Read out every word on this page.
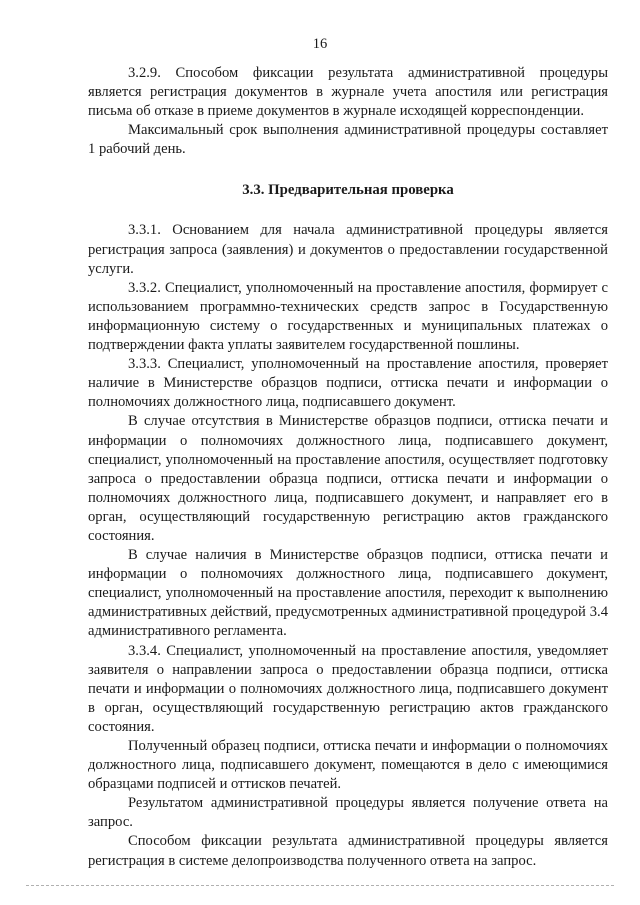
16

3.2.9. Способом фиксации результата административной процедуры является регистрация документов в журнале учета апостиля или регистрация письма об отказе в приеме документов в журнале исходящей корреспонденции.

Максимальный срок выполнения административной процедуры составляет 1 рабочий день.

3.3. Предварительная проверка

3.3.1. Основанием для начала административной процедуры является регистрация запроса (заявления) и документов о предоставлении государственной услуги.

3.3.2. Специалист, уполномоченный на проставление апостиля, формирует с использованием программно-технических средств запрос в Государственную информационную систему о государственных и муниципальных платежах о подтверждении факта уплаты заявителем государственной пошлины.

3.3.3. Специалист, уполномоченный на проставление апостиля, проверяет наличие в Министерстве образцов подписи, оттиска печати и информации о полномочиях должностного лица, подписавшего документ.

В случае отсутствия в Министерстве образцов подписи, оттиска печати и информации о полномочиях должностного лица, подписавшего документ, специалист, уполномоченный на проставление апостиля, осуществляет подготовку запроса о предоставлении образца подписи, оттиска печати и информации о полномочиях должностного лица, подписавшего документ, и направляет его в орган, осуществляющий государственную регистрацию актов гражданского состояния.

В случае наличия в Министерстве образцов подписи, оттиска печати и информации о полномочиях должностного лица, подписавшего документ, специалист, уполномоченный на проставление апостиля, переходит к выполнению административных действий, предусмотренных административной процедурой 3.4 административного регламента.

3.3.4. Специалист, уполномоченный на проставление апостиля, уведомляет заявителя о направлении запроса о предоставлении образца подписи, оттиска печати и информации о полномочиях должностного лица, подписавшего документ в орган, осуществляющий государственную регистрацию актов гражданского состояния.

Полученный образец подписи, оттиска печати и информации о полномочиях должностного лица, подписавшего документ, помещаются в дело с имеющимися образцами подписей и оттисков печатей.

Результатом административной процедуры является получение ответа на запрос.

Способом фиксации результата административной процедуры является регистрация в системе делопроизводства полученного ответа на запрос.
